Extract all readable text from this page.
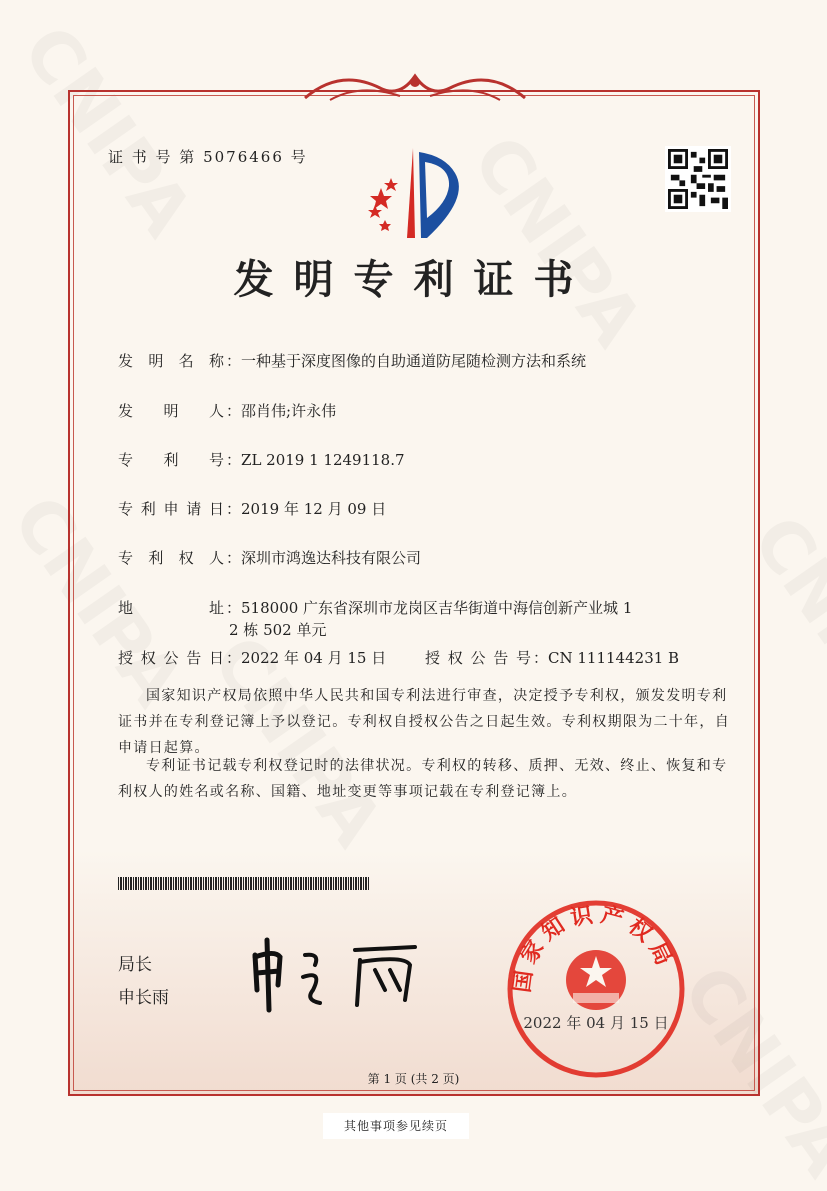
证 书 号 第 5076466 号
发明专利证书
发明名称：一种基于深度图像的自助通道防尾随检测方法和系统
发明人：邵肖伟;许永伟
专利号：ZL 2019 1 1249118.7
专利申请日：2019 年 12 月 09 日
专利权人：深圳市鸿逸达科技有限公司
地址：518000 广东省深圳市龙岗区吉华街道中海信创新产业城 1
2 栋 502 单元
授权公告日：2022 年 04 月 15 日	授权公告号：CN 111144231 B
国家知识产权局依照中华人民共和国专利法进行审查，决定授予专利权，颁发发明专利证书并在专利登记簿上予以登记。专利权自授权公告之日起生效。专利权期限为二十年，自申请日起算。
专利证书记载专利权登记时的法律状况。专利权的转移、质押、无效、终止、恢复和专利权人的姓名或名称、国籍、地址变更等事项记载在专利登记簿上。
局长
申长雨
国家知识产权局
2022 年 04 月 15 日
第 1 页 (共 2 页)
其他事项参见续页
